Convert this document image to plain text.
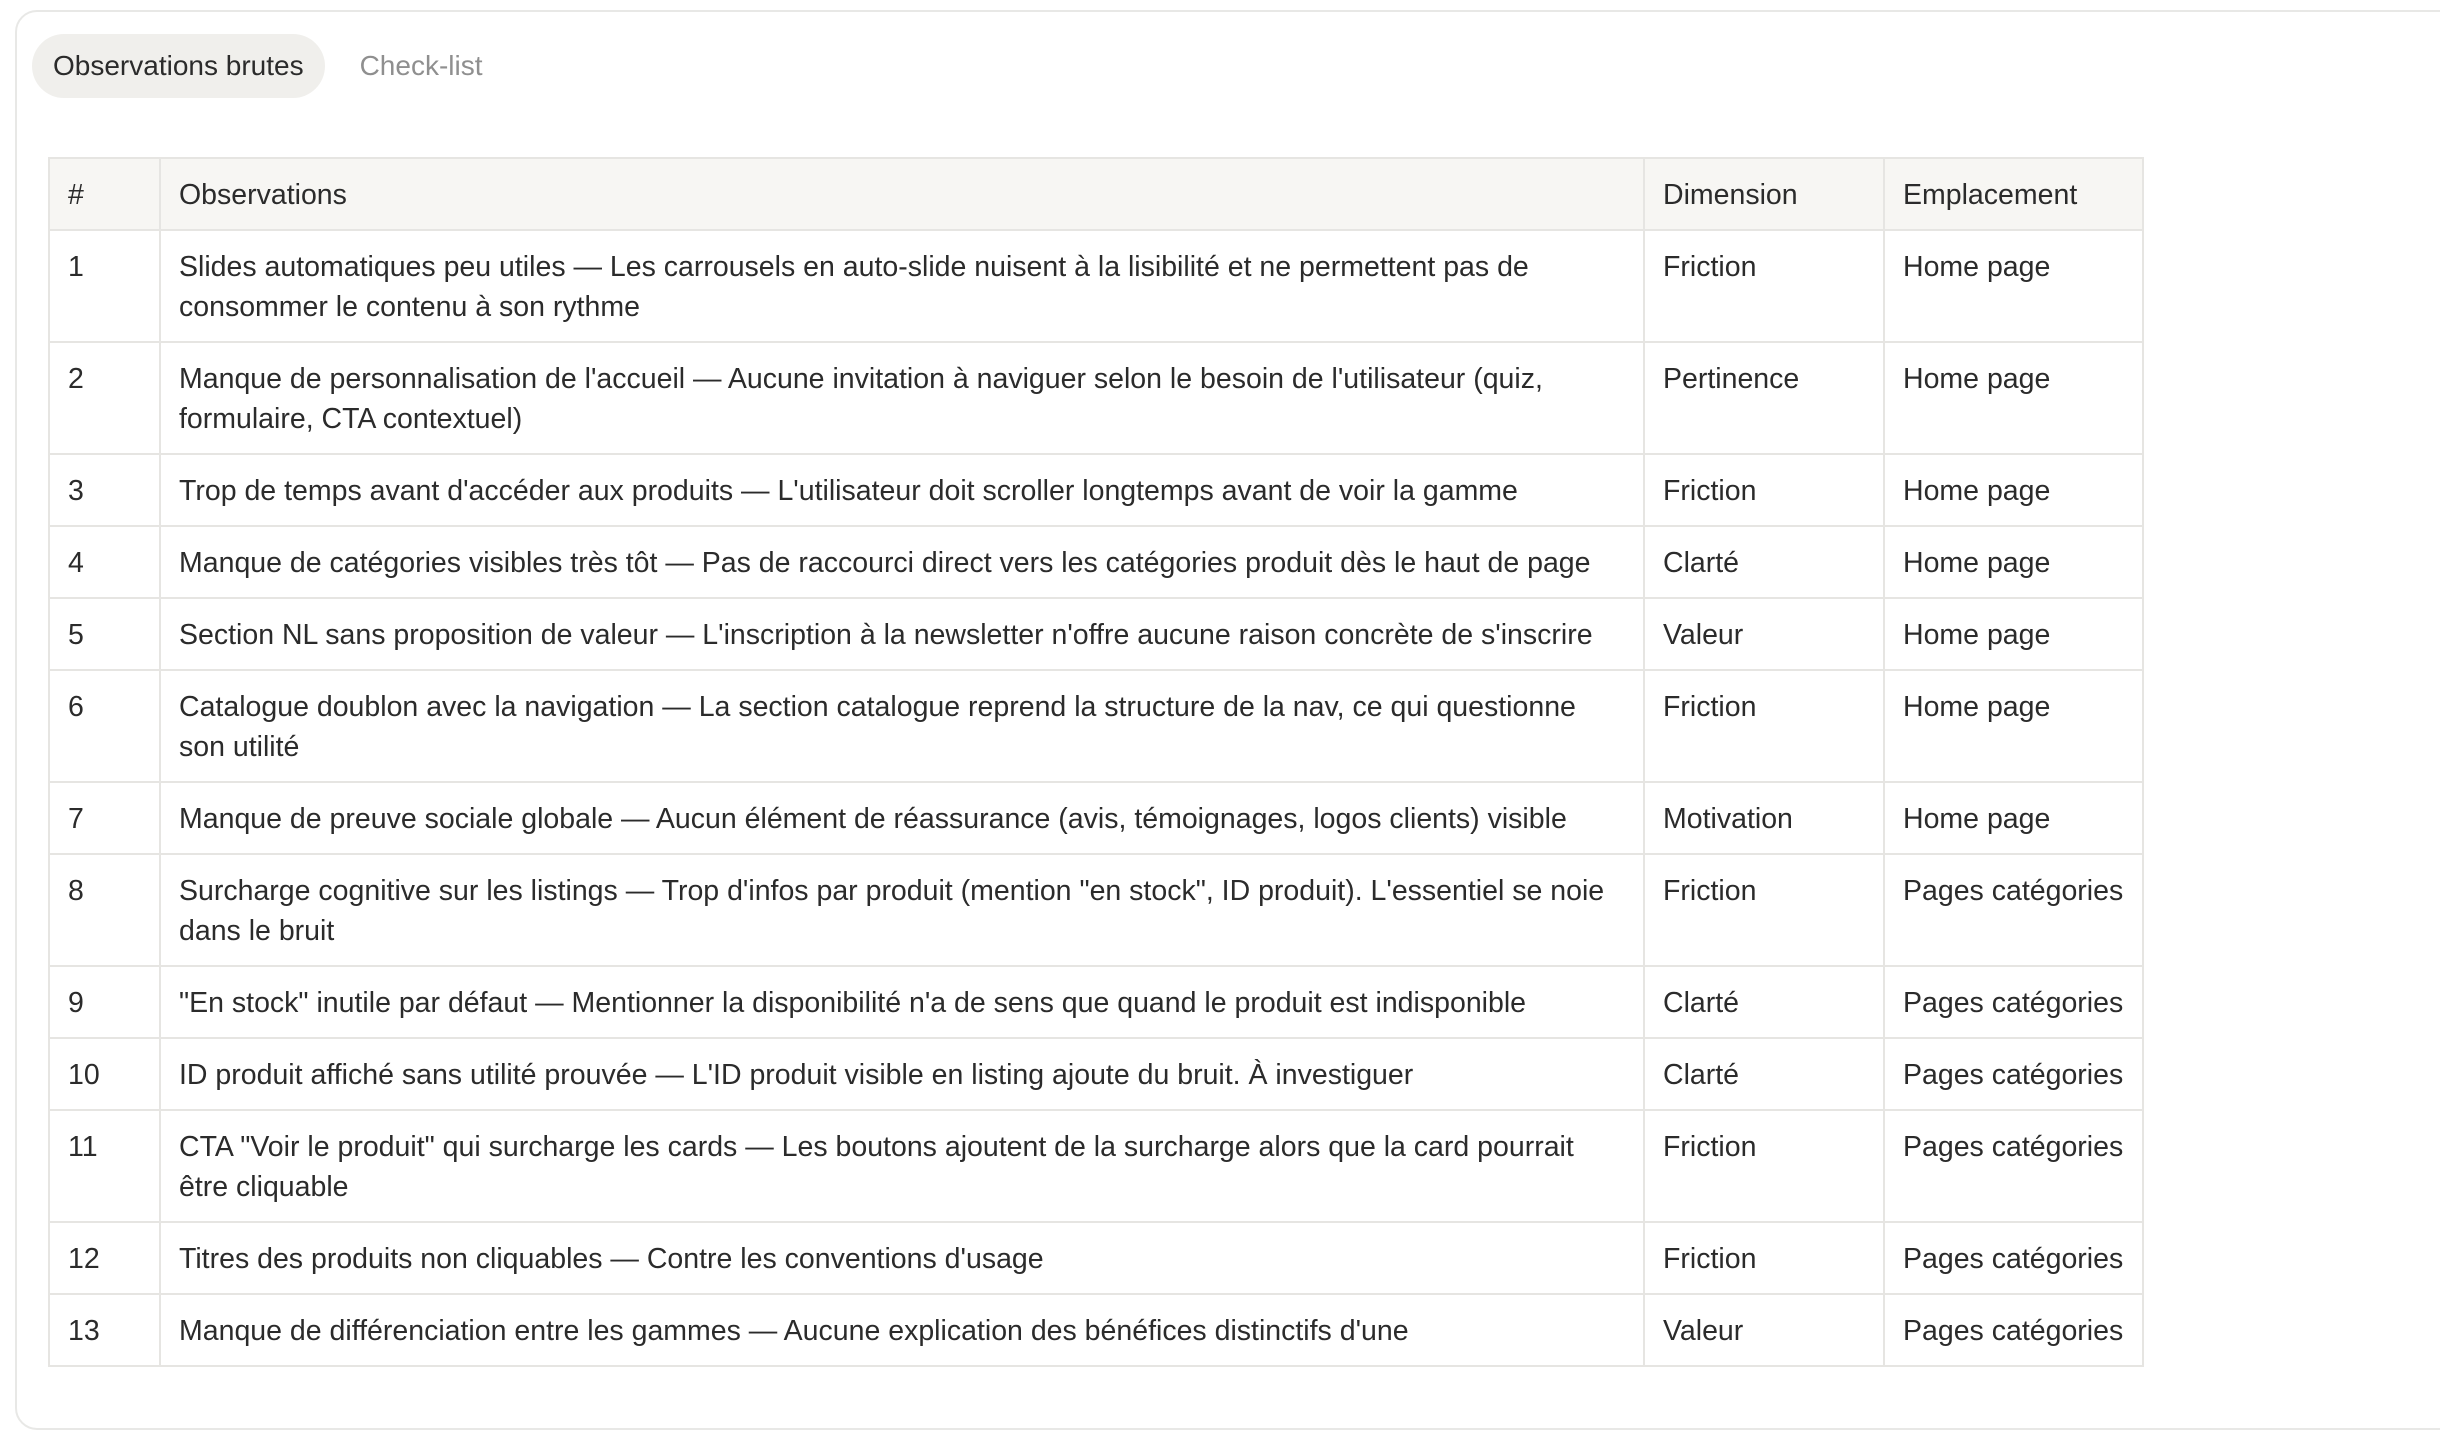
Observations brutes	Check-list
#	Observations	Dimension	Emplacement
1	Slides automatiques peu utiles — Les carrousels en auto-slide nuisent à la lisibilité et ne permettent pas de consommer le contenu à son rythme	Friction	Home page
2	Manque de personnalisation de l'accueil — Aucune invitation à naviguer selon le besoin de l'utilisateur (quiz, formulaire, CTA contextuel)	Pertinence	Home page
3	Trop de temps avant d'accéder aux produits — L'utilisateur doit scroller longtemps avant de voir la gamme	Friction	Home page
4	Manque de catégories visibles très tôt — Pas de raccourci direct vers les catégories produit dès le haut de page	Clarté	Home page
5	Section NL sans proposition de valeur — L'inscription à la newsletter n'offre aucune raison concrète de s'inscrire	Valeur	Home page
6	Catalogue doublon avec la navigation — La section catalogue reprend la structure de la nav, ce qui questionne son utilité	Friction	Home page
7	Manque de preuve sociale globale — Aucun élément de réassurance (avis, témoignages, logos clients) visible	Motivation	Home page
8	Surcharge cognitive sur les listings — Trop d'infos par produit (mention "en stock", ID produit). L'essentiel se noie dans le bruit	Friction	Pages catégories
9	"En stock" inutile par défaut — Mentionner la disponibilité n'a de sens que quand le produit est indisponible	Clarté	Pages catégories
10	ID produit affiché sans utilité prouvée — L'ID produit visible en listing ajoute du bruit. À investiguer	Clarté	Pages catégories
11	CTA "Voir le produit" qui surcharge les cards — Les boutons ajoutent de la surcharge alors que la card pourrait être cliquable	Friction	Pages catégories
12	Titres des produits non cliquables — Contre les conventions d'usage	Friction	Pages catégories
13	Manque de différenciation entre les gammes — Aucune explication des bénéfices distinctifs d'une	Valeur	Pages catégories
